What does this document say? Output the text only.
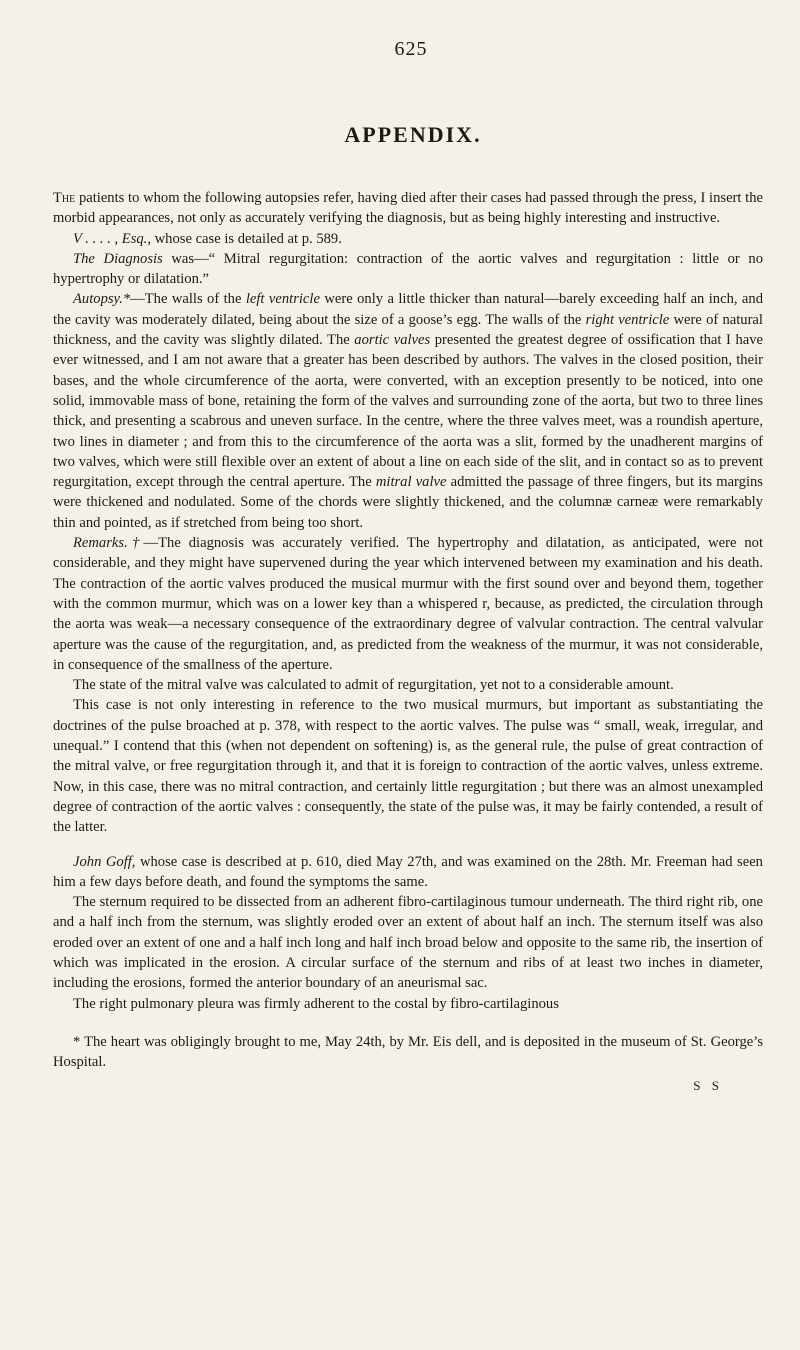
625
APPENDIX.

The patients to whom the following autopsies refer, having died after their cases had passed through the press, I insert the morbid appearances, not only as accurately verifying the diagnosis, but as being highly interesting and instructive.

V . . . . , Esq., whose case is detailed at p. 589.

The Diagnosis was—“ Mitral regurgitation: contraction of the aortic valves and regurgitation : little or no hypertrophy or dilatation.”

Autopsy.*—The walls of the left ventricle were only a little thicker than natural—barely exceeding half an inch, and the cavity was moderately dilated, being about the size of a goose’s egg. The walls of the right ventricle were of natural thickness, and the cavity was slightly dilated. The aortic valves presented the greatest degree of ossification that I have ever witnessed, and I am not aware that a greater has been described by authors. The valves in the closed position, their bases, and the whole circumference of the aorta, were converted, with an exception presently to be noticed, into one solid, immovable mass of bone, retaining the form of the valves and surrounding zone of the aorta, but two to three lines thick, and presenting a scabrous and uneven surface. In the centre, where the three valves meet, was a roundish aperture, two lines in diameter ; and from this to the circumference of the aorta was a slit, formed by the unadherent margins of two valves, which were still flexible over an extent of about a line on each side of the slit, and in contact so as to prevent regurgitation, except through the central aperture. The mitral valve admitted the passage of three fingers, but its margins were thickened and nodulated. Some of the chords were slightly thickened, and the columnæ carneæ were remarkably thin and pointed, as if stretched from being too short.

Remarks.†—The diagnosis was accurately verified. The hypertrophy and dilatation, as anticipated, were not considerable, and they might have supervened during the year which intervened between my examination and his death. The contraction of the aortic valves produced the musical murmur with the first sound over and beyond them, together with the common murmur, which was on a lower key than a whispered r, because, as predicted, the circulation through the aorta was weak—a necessary consequence of the extraordinary degree of valvular contraction. The central valvular aperture was the cause of the regurgitation, and, as predicted from the weakness of the murmur, it was not considerable, in consequence of the smallness of the aperture.

The state of the mitral valve was calculated to admit of regurgitation, yet not to a considerable amount.

This case is not only interesting in reference to the two musical murmurs, but important as substantiating the doctrines of the pulse broached at p. 378, with respect to the aortic valves. The pulse was “ small, weak, irregular, and unequal.” I contend that this (when not dependent on softening) is, as the general rule, the pulse of great contraction of the mitral valve, or free regurgitation through it, and that it is foreign to contraction of the aortic valves, unless extreme. Now, in this case, there was no mitral contraction, and certainly little regurgitation ; but there was an almost unexampled degree of contraction of the aortic valves : consequently, the state of the pulse was, it may be fairly contended, a result of the latter.

John Goff, whose case is described at p. 610, died May 27th, and was examined on the 28th. Mr. Freeman had seen him a few days before death, and found the symptoms the same.

The sternum required to be dissected from an adherent fibro-cartilaginous tumour underneath. The third right rib, one and a half inch from the sternum, was slightly eroded over an extent of about half an inch. The sternum itself was also eroded over an extent of one and a half inch long and half inch broad below and opposite to the same rib, the insertion of which was implicated in the erosion. A circular surface of the sternum and ribs of at least two inches in diameter, including the erosions, formed the anterior boundary of an aneurismal sac.

The right pulmonary pleura was firmly adherent to the costal by fibro-cartilaginous

* The heart was obligingly brought to me, May 24th, by Mr. Eis dell, and is deposited in the museum of St. George’s Hospital.

S S
